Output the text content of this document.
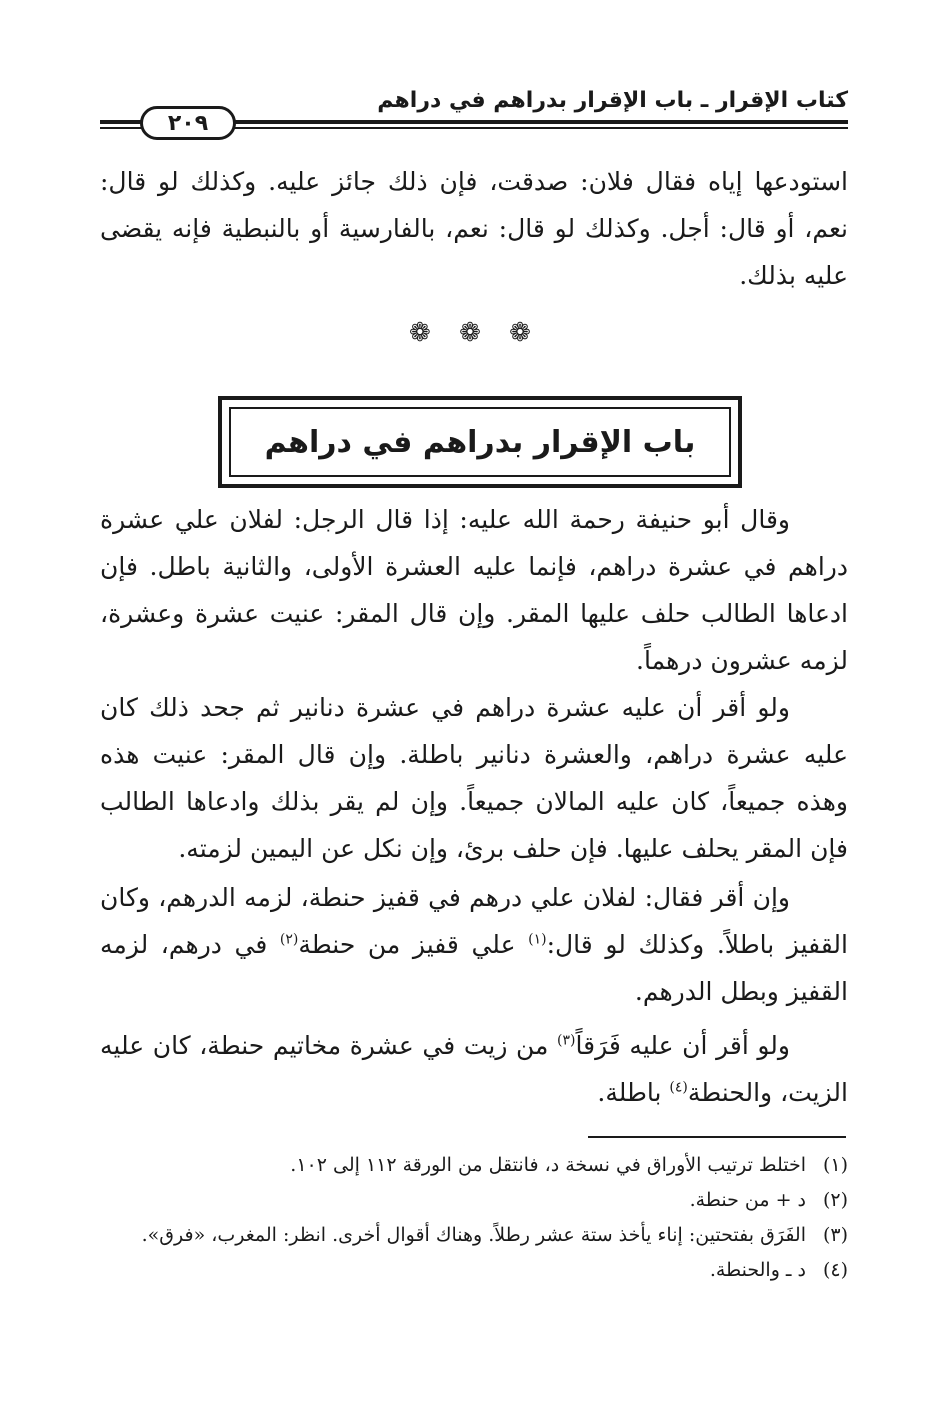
كتاب الإقرار ـ باب الإقرار بدراهم في دراهم
٢٠٩

استودعها إياه فقال فلان: صدقت، فإن ذلك جائز عليه. وكذلك لو قال: نعم، أو قال: أجل. وكذلك لو قال: نعم، بالفارسية أو بالنبطية فإنه يقضى عليه بذلك.

❁ ❁ ❁
باب الإقرار بدراهم في دراهم

وقال أبو حنيفة رحمة الله عليه: إذا قال الرجل: لفلان علي عشرة دراهم في عشرة دراهم، فإنما عليه العشرة الأولى، والثانية باطل. فإن ادعاها الطالب حلف عليها المقر. وإن قال المقر: عنيت عشرة وعشرة، لزمه عشرون درهماً.

ولو أقر أن عليه عشرة دراهم في عشرة دنانير ثم جحد ذلك كان عليه عشرة دراهم، والعشرة دنانير باطلة. وإن قال المقر: عنيت هذه وهذه جميعاً، كان عليه المالان جميعاً. وإن لم يقر بذلك وادعاها الطالب فإن المقر يحلف عليها. فإن حلف برئ، وإن نكل عن اليمين لزمته.

وإن أقر فقال: لفلان علي درهم في قفيز حنطة، لزمه الدرهم، وكان القفيز باطلاً. وكذلك لو قال:$^{(١)}$ علي قفيز من حنطة$^{(٢)}$ في درهم، لزمه القفيز وبطل الدرهم.

ولو أقر أن عليه فَرَقاً$^{(٣)}$ من زيت في عشرة مخاتيم حنطة، كان عليه الزيت، والحنطة$^{(٤)}$ باطلة.

(١)
اختلط ترتيب الأوراق في نسخة د، فانتقل من الورقة ١١٢ إلى ١٠٢.
(٢)
د + من حنطة.
(٣)
الفَرَق بفتحتين: إناء يأخذ ستة عشر رطلاً. وهناك أقوال أخرى. انظر: المغرب، «فرق».
(٤)
د ـ والحنطة.
